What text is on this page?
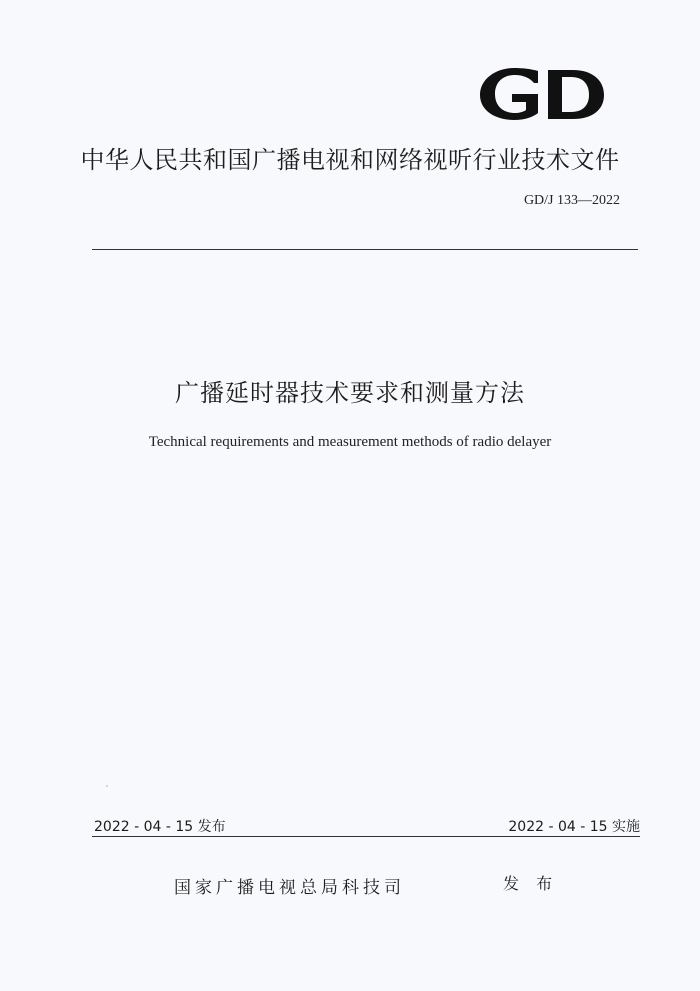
中华人民共和国广播电视和网络视听行业技术文件
GD/J 133—2022
广播延时器技术要求和测量方法
Technical requirements and measurement methods of radio delayer
2022 - 04 - 15 发布	2022 - 04 - 15 实施
国家广播电视总局科技司	发 布
